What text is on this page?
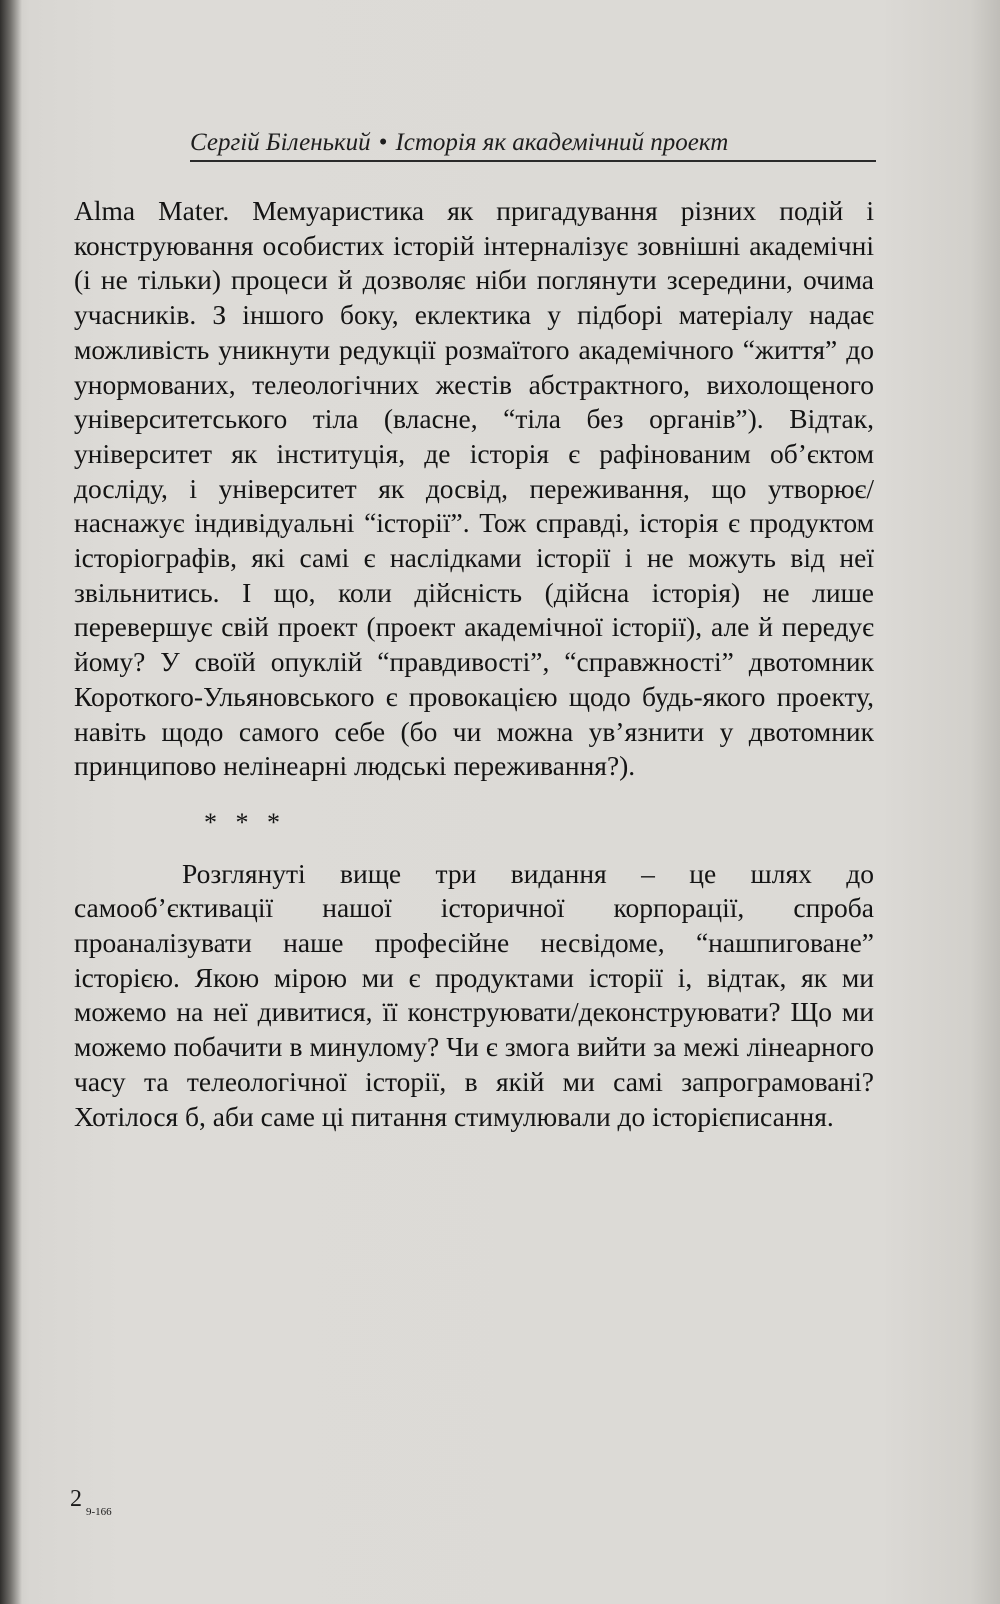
Сергій Біленький • Історія як академічний проект

Alma Mater. Мемуаристика як пригадування різних подій і конструювання особистих історій інтерналізує зовнішні академічні (і не тільки) процеси й дозволяє ніби поглянути зсередини, очима учасників. З іншого боку, еклектика у підборі матеріалу надає можливість уникнути редукції розмаїтого академічного “життя” до унормованих, телеологічних жестів абстрактного, вихолощеного університетського тіла (власне, “тіла без органів”). Відтак, університет як інституція, де історія є рафінованим об’єктом досліду, і університет як досвід, переживання, що утворює/наснажує індивідуальні “історії”. Тож справді, історія є продуктом історіографів, які самі є наслідками історії і не можуть від неї звільнитись. І що, коли дійсність (дійсна історія) не лише перевершує свій проект (проект академічної історії), але й передує йому? У своїй опуклій “правдивості”, “справжності” двотомник Короткого-Ульяновського є провокацією щодо будь-якого проекту, навіть щодо самого себе (бо чи можна ув’язнити у двотомник принципово нелінеарні людські переживання?).

* * *

Розглянуті вище три видання – це шлях до самооб’єктивації нашої історичної корпорації, спроба проаналізувати наше професійне несвідоме, “нашпиговане” історією. Якою мірою ми є продуктами історії і, відтак, як ми можемо на неї дивитися, її конструювати/деконструювати? Що ми можемо побачити в минулому? Чи є змога вийти за межі лінеарного часу та телеологічної історії, в якій ми самі запрограмовані? Хотілося б, аби саме ці питання стимулювали до історієписання.

2 9-166
